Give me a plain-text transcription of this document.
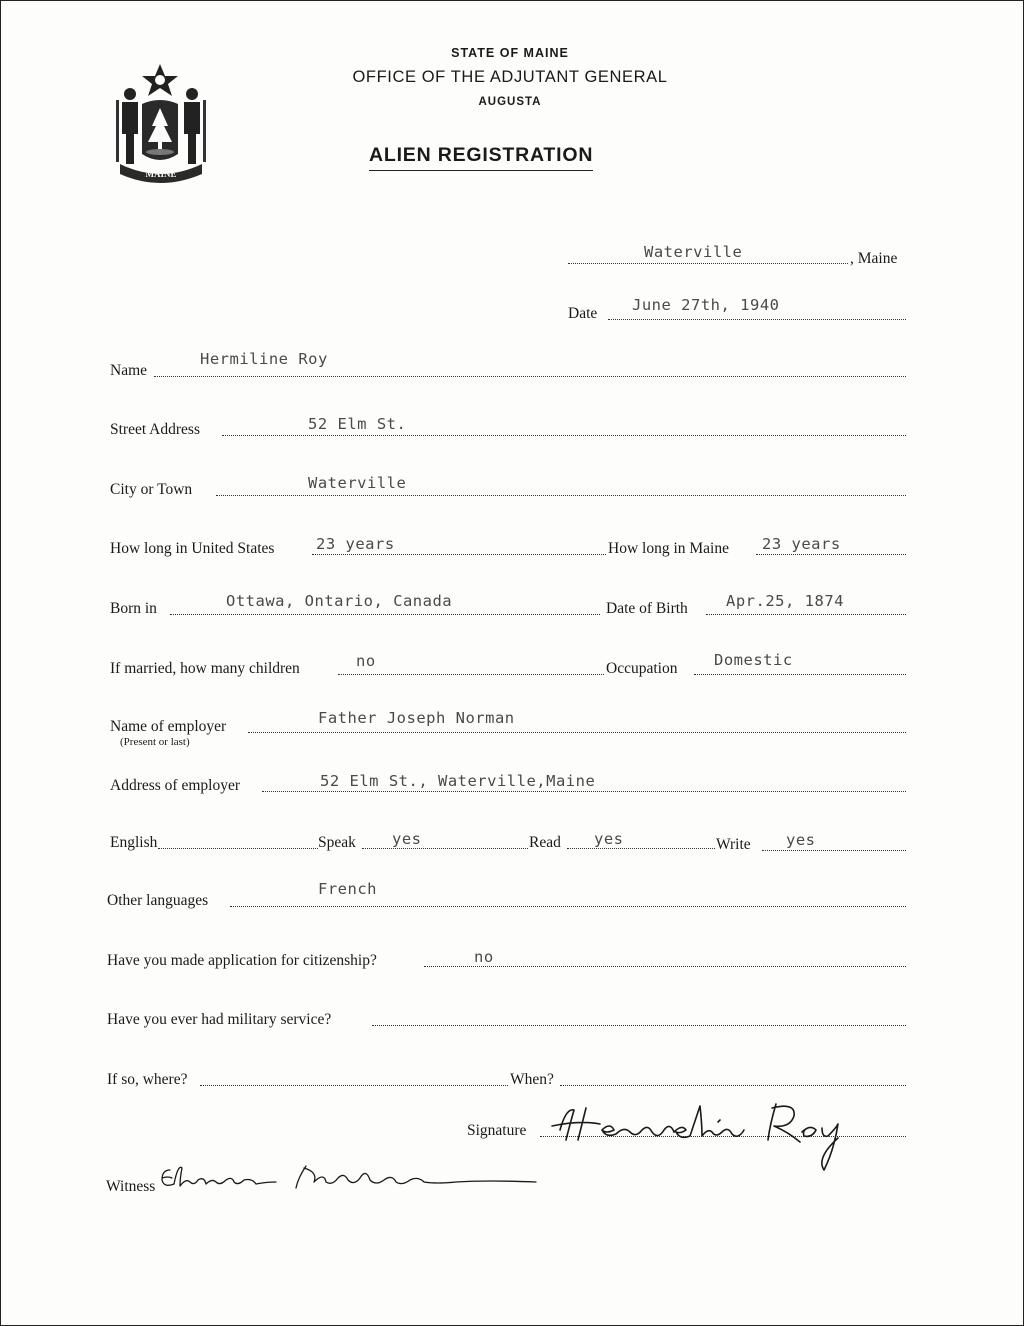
MAINE
STATE OF MAINE
OFFICE OF THE ADJUTANT GENERAL
AUGUSTA
ALIEN REGISTRATION
Waterville	, Maine
Date June 27th, 1940
Name
Hermiline Roy
Street Address	52 Elm St.
City or Town	Waterville
How long in United States	23 years	How long in Maine 23 years
Born in	Ottawa, Ontario, Canada	Date of Birth Apr.25, 1874
If married, how many children	no	Occupation Domestic
Name of employer
(Present or last)
Father Joseph Norman
Address of employer	52 Elm St., Waterville,Maine
English	Speak yes	Read yes	Write yes
Other languages
French
Have you made application for citizenship?	no
Have you ever had military service?
If so, where?	When?
Signature
Witness
